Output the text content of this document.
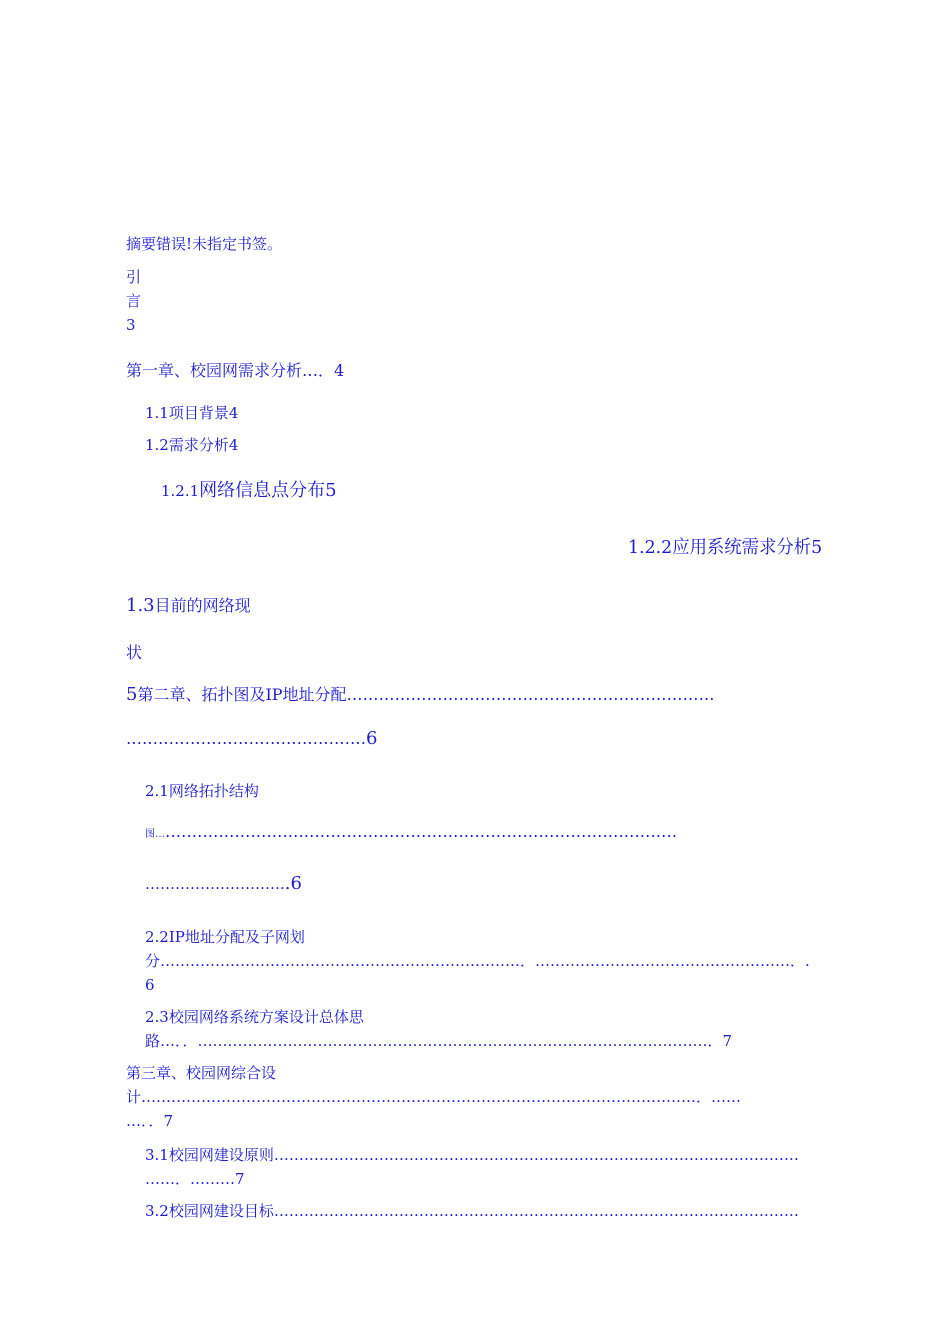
摘要错误!未指定书签。
引
言
3
第一章、校园网需求分析…．4
1.1项目背景4
1.2需求分析4
1.2.1网络信息点分布5
1.2.2应用系统需求分析5
1.3目前的网络现
状
5第二章、拓扑图及IP地址分配……………………………………………………………
………………………………………6
2.1网络拓扑结构
图………………………………………………………………………………………
………………………..6
2.2IP地址分配及子网划
分………………………………………………………………．……………………………………………．.
6
2.3校园网络系统方案设计总体思
路…．．…………………………………………………………………………………………．7
第三章、校园网综合设
计…………………………………………………………………………………………………．……
…．．7
3.1校园网建设原则……………………………………………………………………………………………
……．………7
3.2校园网建设目标……………………………………………………………………………………………
